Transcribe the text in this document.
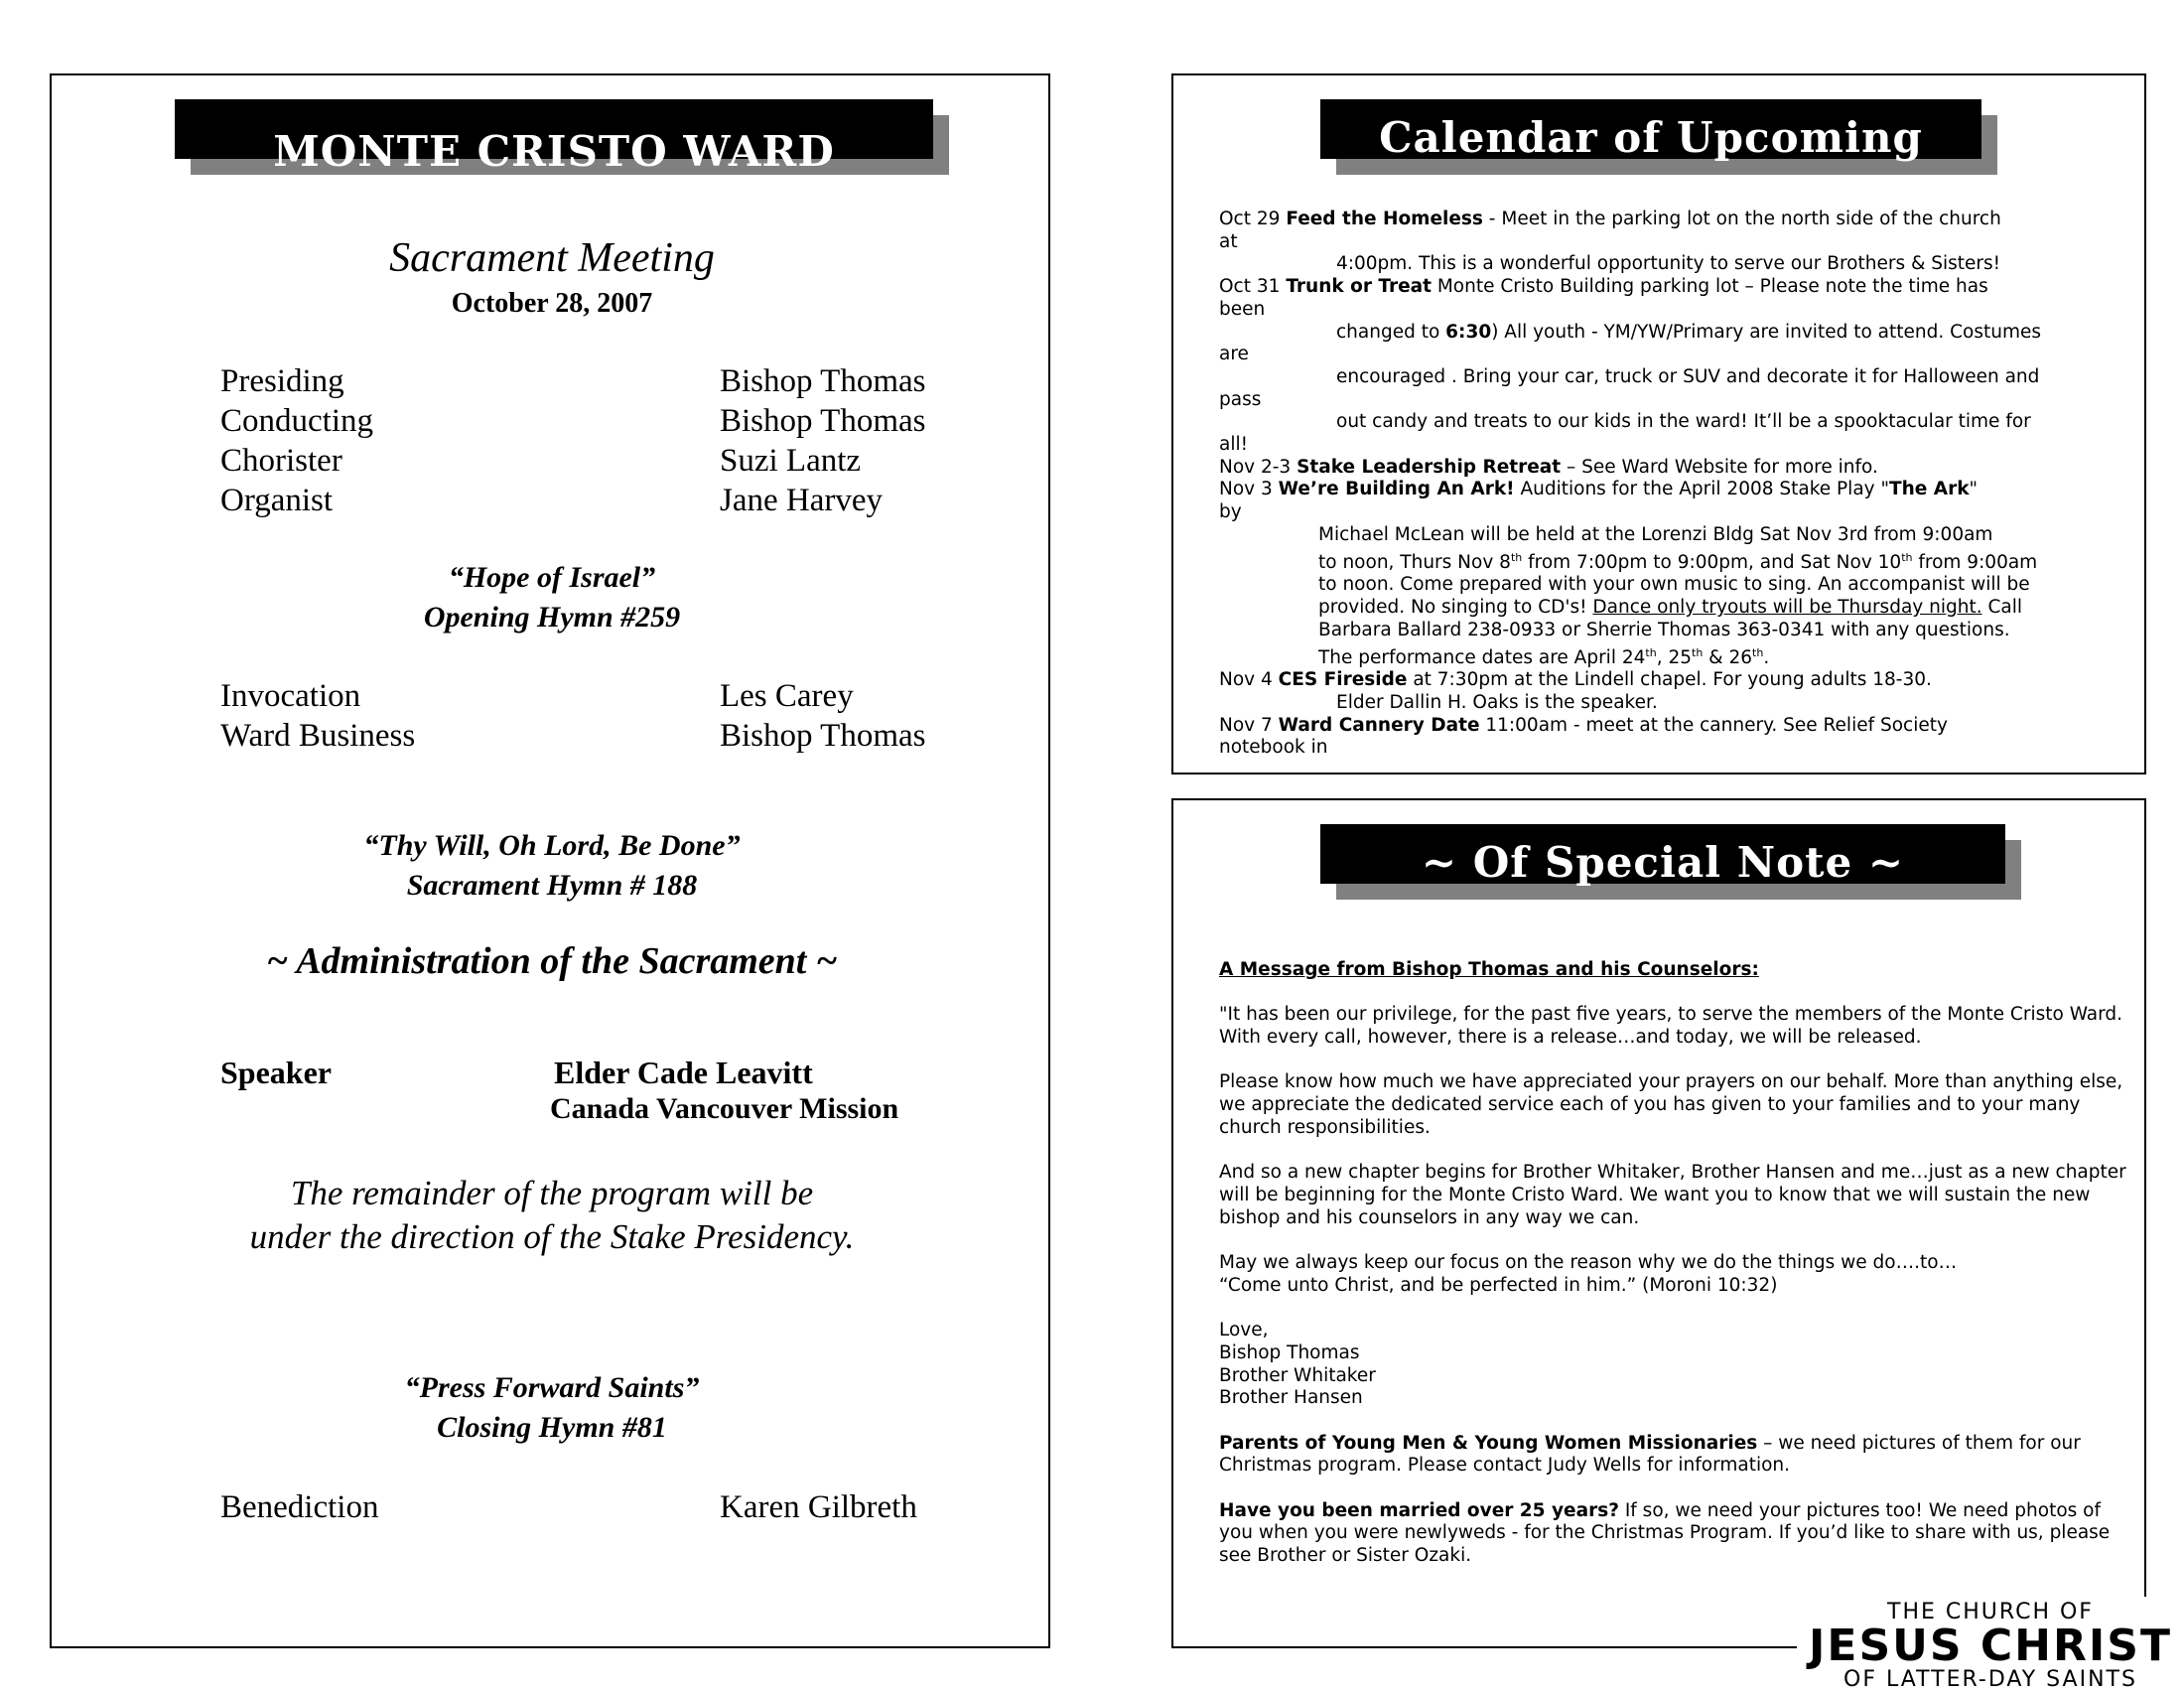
MONTE CRISTO WARD
Sacrament Meeting
October 28, 2007
Presiding	Bishop Thomas
Conducting	Bishop Thomas
Chorister	Suzi Lantz
Organist	Jane Harvey
“Hope of Israel”
Opening Hymn #259
Invocation	Les Carey
Ward Business	Bishop Thomas
“Thy Will, Oh Lord, Be Done”
Sacrament Hymn # 188
~ Administration of the Sacrament ~
Speaker	Elder Cade Leavitt
Canada Vancouver Mission
The remainder of the program will be
under the direction of the Stake Presidency.
“Press Forward Saints”
Closing Hymn #81
Benediction	Karen Gilbreth
Calendar of Upcoming
Oct 29 Feed the Homeless - Meet in the parking lot on the north side of the church
at
4:00pm. This is a wonderful opportunity to serve our Brothers & Sisters!
Oct 31 Trunk or Treat Monte Cristo Building parking lot – Please note the time has
been
changed to 6:30) All youth - YM/YW/Primary are invited to attend. Costumes
are
encouraged . Bring your car, truck or SUV and decorate it for Halloween and
pass
out candy and treats to our kids in the ward! It’ll be a spooktacular time for
all!
Nov 2-3 Stake Leadership Retreat – See Ward Website for more info.
Nov 3 We’re Building An Ark! Auditions for the April 2008 Stake Play "The Ark"
by
Michael McLean will be held at the Lorenzi Bldg Sat Nov 3rd from 9:00am
to noon, Thurs Nov 8th from 7:00pm to 9:00pm, and Sat Nov 10th from 9:00am
to noon. Come prepared with your own music to sing. An accompanist will be
provided. No singing to CD's! Dance only tryouts will be Thursday night. Call
Barbara Ballard 238-0933 or Sherrie Thomas 363-0341 with any questions.
The performance dates are April 24th, 25th & 26th.
Nov 4 CES Fireside at 7:30pm at the Lindell chapel. For young adults 18-30.
Elder Dallin H. Oaks is the speaker.
Nov 7 Ward Cannery Date 11:00am - meet at the cannery. See Relief Society
notebook in
~ Of Special Note ~

A Message from Bishop Thomas and his Counselors:

"It has been our privilege, for the past five years, to serve the members of the Monte Cristo Ward. With every call, however, there is a release…and today, we will be released.

Please know how much we have appreciated your prayers on our behalf. More than anything else, we appreciate the dedicated service each of you has given to your families and to your many church responsibilities.

And so a new chapter begins for Brother Whitaker, Brother Hansen and me…just as a new chapter will be beginning for the Monte Cristo Ward. We want you to know that we will sustain the new bishop and his counselors in any way we can.

May we always keep our focus on the reason why we do the things we do….to…
“Come unto Christ, and be perfected in him.” (Moroni 10:32)

Love,
Bishop Thomas
Brother Whitaker
Brother Hansen

Parents of Young Men & Young Women Missionaries – we need pictures of them for our Christmas program. Please contact Judy Wells for information.

Have you been married over 25 years? If so, we need your pictures too! We need photos of you when you were newlyweds - for the Christmas Program. If you’d like to share with us, please see Brother or Sister Ozaki.

THE CHURCH OF
JESUS CHRIST
OF LATTER-DAY SAINTS
